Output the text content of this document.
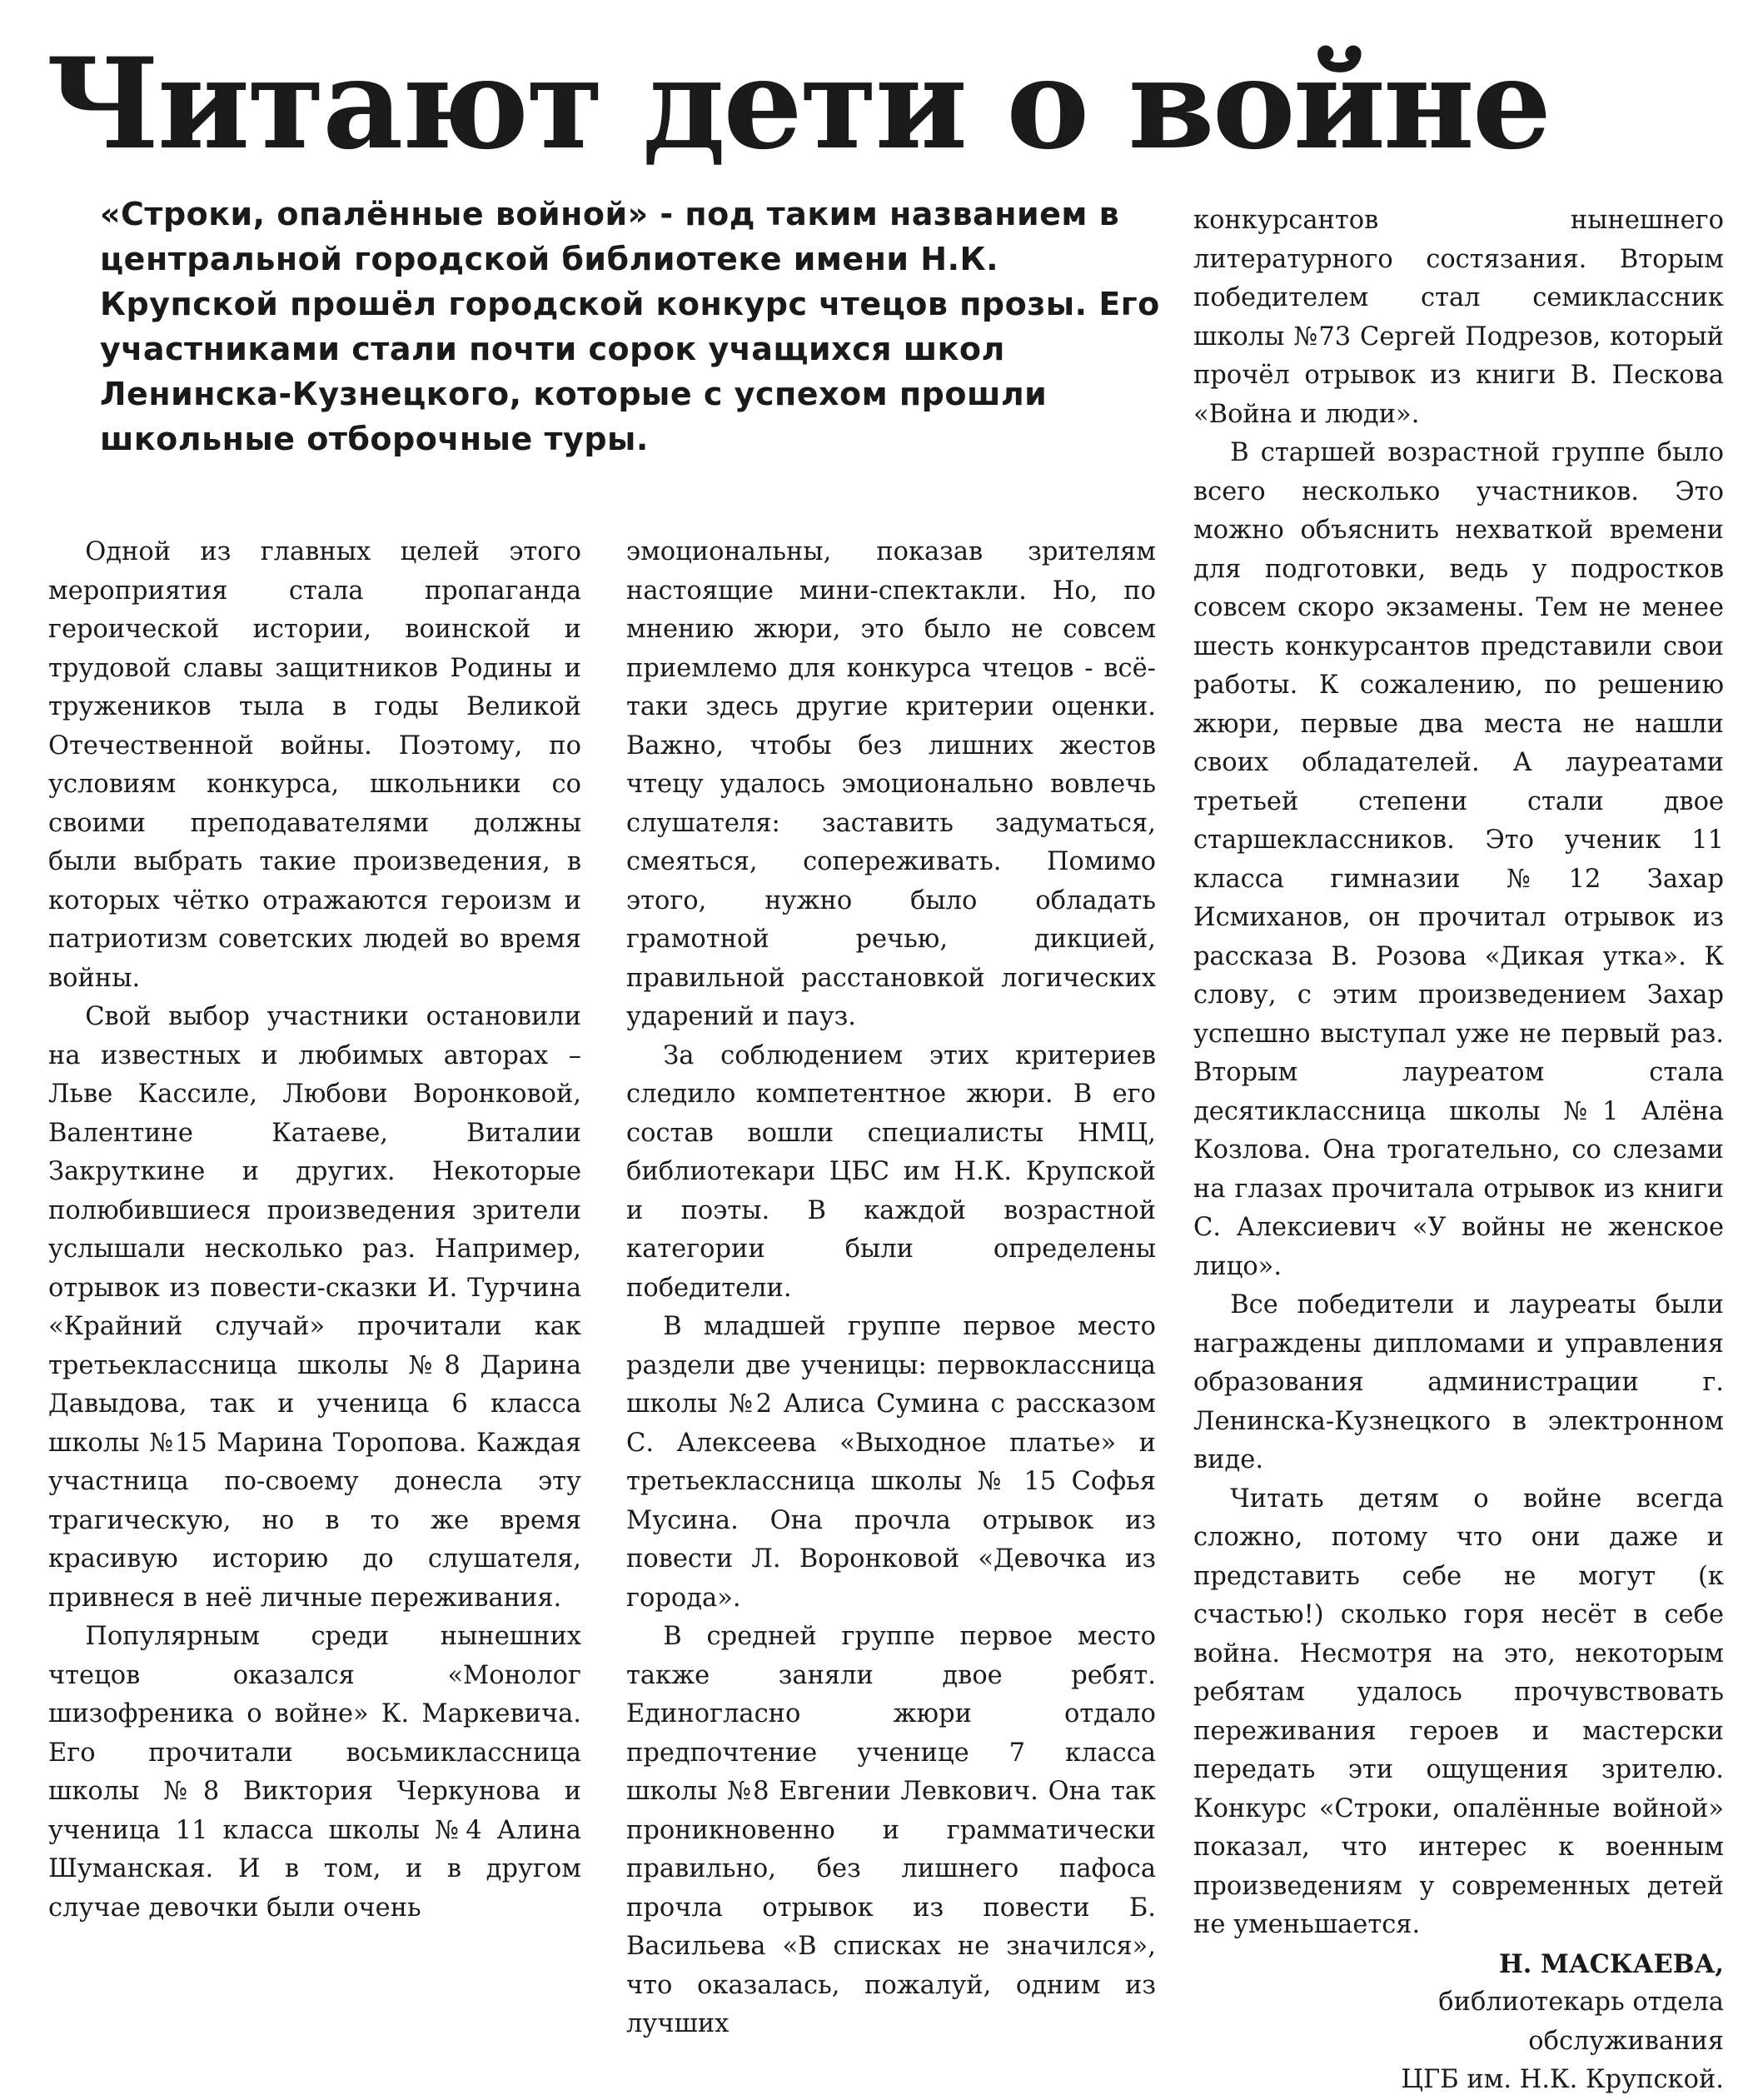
Читают дети о войне

«Строки, опалённые войной» - под таким названием в центральной городской библиотеке имени Н.К. Крупской прошёл городской конкурс чтецов прозы. Его участниками стали почти сорок учащихся школ Ленинска-Кузнецкого, которые с успехом прошли школьные отборочные туры.

Одной из главных целей этого мероприятия стала пропаганда героической истории, воинской и трудовой славы защитников Родины и тружеников тыла в годы Великой Отечественной войны. Поэтому, по условиям конкурса, школьники со своими преподавателями должны были выбрать такие произведения, в которых чётко отражаются героизм и патриотизм советских людей во время войны.

Свой выбор участники остановили на известных и любимых авторах – Льве Кассиле, Любови Воронковой, Валентине Катаеве, Виталии Закруткине и других. Некоторые полюбившиеся произведения зрители услышали несколько раз. Например, отрывок из повести-сказки И. Турчина «Крайний случай» прочитали как третьеклассница школы №8 Дарина Давыдова, так и ученица 6 класса школы №15 Марина Торопова. Каждая участница по-своему донесла эту трагическую, но в то же время красивую историю до слушателя, привнеся в неё личные переживания.

Популярным среди нынешних чтецов оказался «Монолог шизофреника о войне» К. Маркевича. Его прочитали восьмиклассница школы №8 Виктория Черкунова и ученица 11 класса школы №4 Алина Шуманская. И в том, и в другом случае девочки были очень

эмоциональны, показав зрителям настоящие мини-спектакли. Но, по мнению жюри, это было не совсем приемлемо для конкурса чтецов - всё-таки здесь другие критерии оценки. Важно, чтобы без лишних жестов чтецу удалось эмоционально вовлечь слушателя: заставить задуматься, смеяться, сопереживать. Помимо этого, нужно было обладать грамотной речью, дикцией, правильной расстановкой логических ударений и пауз.

За соблюдением этих критериев следило компетентное жюри. В его состав вошли специалисты НМЦ, библиотекари ЦБС им Н.К. Крупской и поэты. В каждой возрастной категории были определены победители.

В младшей группе первое место раздели две ученицы: первоклассница школы №2 Алиса Сумина с рассказом С. Алексеева «Выходное платье» и третьеклассница школы № 15 Софья Мусина. Она прочла отрывок из повести Л. Воронковой «Девочка из города».

В средней группе первое место также заняли двое ребят. Единогласно жюри отдало предпочтение ученице 7 класса школы №8 Евгении Левкович. Она так проникновенно и грамматически правильно, без лишнего пафоса прочла отрывок из повести Б. Васильева «В списках не значился», что оказалась, пожалуй, одним из лучших

конкурсантов нынешнего литературного состязания. Вторым победителем стал семиклассник школы №73 Сергей Подрезов, который прочёл отрывок из книги В. Пескова «Война и люди».

В старшей возрастной группе было всего несколько участников. Это можно объяснить нехваткой времени для подготовки, ведь у подростков совсем скоро экзамены. Тем не менее шесть конкурсантов представили свои работы. К сожалению, по решению жюри, первые два места не нашли своих обладателей. А лауреатами третьей степени стали двое старшеклассников. Это ученик 11 класса гимназии №12 Захар Исмиханов, он прочитал отрывок из рассказа В. Розова «Дикая утка». К слову, с этим произведением Захар успешно выступал уже не первый раз. Вторым лауреатом стала десятиклассница школы №1 Алёна Козлова. Она трогательно, со слезами на глазах прочитала отрывок из книги С. Алексиевич «У войны не женское лицо».

Все победители и лауреаты были награждены дипломами и управления образования администрации г. Ленинска-Кузнецкого в электронном виде.

Читать детям о войне всегда сложно, потому что они даже и представить себе не могут (к счастью!) сколько горя несёт в себе война. Несмотря на это, некоторым ребятам удалось прочувствовать переживания героев и мастерски передать эти ощущения зрителю. Конкурс «Строки, опалённые войной» показал, что интерес к военным произведениям у современных детей не уменьшается.

Н. МАСКАЕВА,
библиотекарь отдела
обслуживания
ЦГБ им. Н.К. Крупской.
